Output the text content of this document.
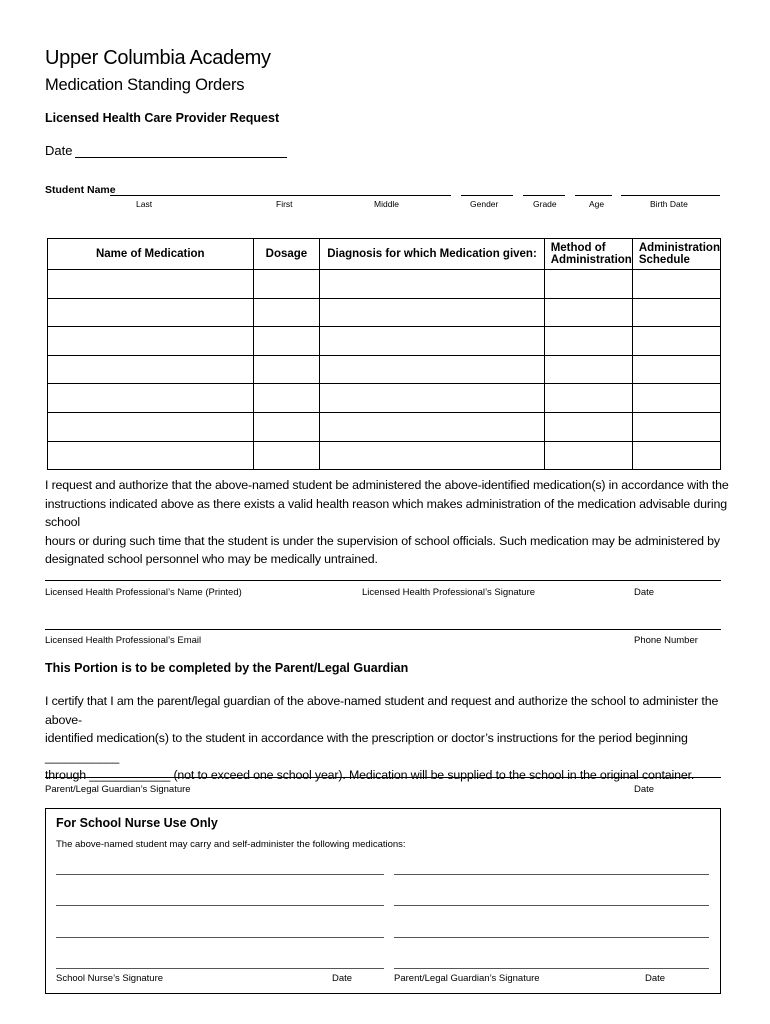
Upper Columbia Academy
Medication Standing Orders
Licensed Health Care Provider Request
Date
Student Name
Last	First	Middle	Gender	Grade	Age	Birth Date
Name of Medication	Dosage	Diagnosis for which Medication given:	Method of Administration	Administration Schedule

I request and authorize that the above-named student be administered the above-identified medication(s) in accordance with the
instructions indicated above as there exists a valid health reason which makes administration of the medication advisable during school
hours or during such time that the student is under the supervision of school officials. Such medication may be administered by
designated school personnel who may be medically untrained.
Licensed Health Professional’s Name (Printed)	Licensed Health Professional’s Signature	Date
Licensed Health Professional’s Email	Phone Number
This Portion is to be completed by the Parent/Legal Guardian
I certify that I am the parent/legal guardian of the above-named student and request and authorize the school to administer the above-
identified medication(s) to the student in accordance with the prescription or doctor’s instructions for the period beginning ___________
through ____________ (not to exceed one school year). Medication will be supplied to the school in the original container.
Parent/Legal Guardian’s Signature	Date
For School Nurse Use Only
The above-named student may carry and self-administer the following medications:
School Nurse’s Signature	Date	Parent/Legal Guardian’s Signature	Date
